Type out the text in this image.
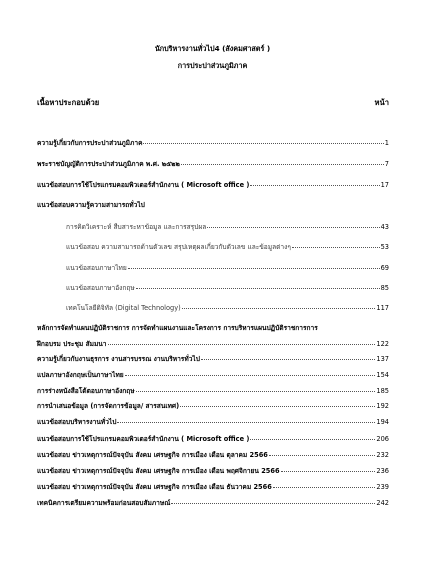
นักบริหารงานทั่วไป4 (สังคมศาสตร์ )
การประปาส่วนภูมิภาค
เนื้อหาประกอบด้วย	หน้า
ความรู้เกี่ยวกับการประปาส่วนภูมิภาค	1
พระราชบัญญัติการประปาส่วนภูมิภาค พ.ศ. ๒๕๒๒	7
แนวข้อสอบการใช้โปรแกรมคอมพิวเตอร์สำนักงาน ( Microsoft office )	17
แนวข้อสอบความรู้ความสามารถทั่วไป
การคิดวิเคราะห์ สืบสาระหาข้อมูล และการสรุปผล	43
แนวข้อสอบ ความสามารถด้านตัวเลข สรุปเหตุผลเกี่ยวกับตัวเลข และข้อมูลต่างๆ	53
แนวข้อสอบภาษาไทย	69
แนวข้อสอบภาษาอังกฤษ	85
เทคโนโลยีดิจิทัล (Digital Technology)	117
หลักการจัดทำแผนปฏิบัติราชการ การจัดทำแผนงานและโครงการ การบริหารแผนปฏิบัติราชการการ
ฝึกอบรม ประชุม สัมมนา	122
ความรู้เกี่ยวกับงานธุรการ งานสารบรรณ งานบริหารทั่วไป	137
แปลภาษาอังกฤษเป็นภาษาไทย	154
การร่างหนังสือโต้ตอบภาษาอังกฤษ	185
การนำเสนอข้อมูล (การจัดการข้อมูล/ สารสนเทศ)	192
แนวข้อสอบบริหารงานทั่วไป	194
แนวข้อสอบการใช้โปรแกรมคอมพิวเตอร์สำนักงาน ( Microsoft office )	206
แนวข้อสอบ ข่าวเหตุการณ์ปัจจุบัน สังคม เศรษฐกิจ การเมือง เดือน ตุลาคม 2566	232
แนวข้อสอบ ข่าวเหตุการณ์ปัจจุบัน สังคม เศรษฐกิจ การเมือง เดือน พฤศจิกายน 2566	236
แนวข้อสอบ ข่าวเหตุการณ์ปัจจุบัน สังคม เศรษฐกิจ การเมือง เดือน ธันวาคม 2566	239
เทคนิคการเตรียมความพร้อมก่อนสอบสัมภาษณ์	242
